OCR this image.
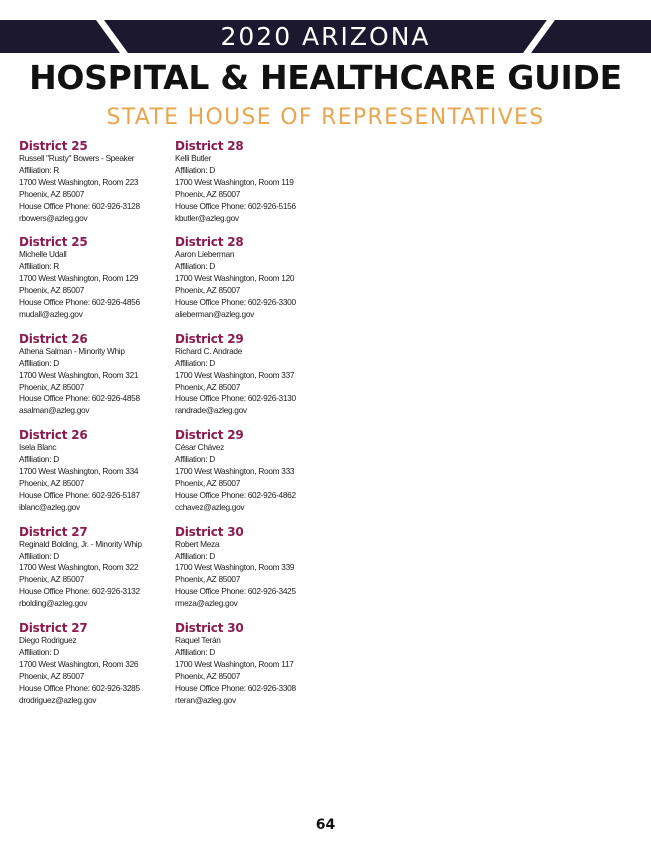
2020 ARIZONA
HOSPITAL & HEALTHCARE GUIDE
STATE HOUSE OF REPRESENTATIVES
District 25
Russell "Rusty" Bowers - Speaker
Affiliation: R
1700 West Washington, Room 223
Phoenix, AZ 85007
House Office Phone: 602-926-3128
rbowers@azleg.gov
District 25
Michelle Udall
Affiliation: R
1700 West Washington, Room 129
Phoenix, AZ 85007
House Office Phone: 602-926-4856
mudall@azleg.gov
District 26
Athena Salman - Minority Whip
Affiliation: D
1700 West Washington, Room 321
Phoenix, AZ 85007
House Office Phone: 602-926-4858
asalman@azleg.gov
District 26
Isela Blanc
Affiliation: D
1700 West Washington, Room 334
Phoenix, AZ 85007
House Office Phone: 602-926-5187
iblanc@azleg.gov
District 27
Reginald Bolding, Jr. - Minority Whip
Affiliation: D
1700 West Washington, Room 322
Phoenix, AZ 85007
House Office Phone: 602-926-3132
rbolding@azleg.gov
District 27
Diego Rodriguez
Affiliation: D
1700 West Washington, Room 326
Phoenix, AZ 85007
House Office Phone: 602-926-3285
drodriguez@azleg.gov
District 28
Kelli Butler
Affiliation: D
1700 West Washington, Room 119
Phoenix, AZ 85007
House Office Phone: 602-926-5156
kbutler@azleg.gov
District 28
Aaron Lieberman
Affiliation: D
1700 West Washington, Room 120
Phoenix, AZ 85007
House Office Phone: 602-926-3300
alieberman@azleg.gov
District 29
Richard C. Andrade
Affiliation: D
1700 West Washington, Room 337
Phoenix, AZ 85007
House Office Phone: 602-926-3130
randrade@azleg.gov
District 29
César Chávez
Affiliation: D
1700 West Washington, Room 333
Phoenix, AZ 85007
House Office Phone: 602-926-4862
cchavez@azleg.gov
District 30
Robert Meza
Affiliation: D
1700 West Washington, Room 339
Phoenix, AZ 85007
House Office Phone: 602-926-3425
rmeza@azleg.gov
District 30
Raquel Terán
Affiliation: D
1700 West Washington, Room 117
Phoenix, AZ 85007
House Office Phone: 602-926-3308
rteran@azleg.gov
64
